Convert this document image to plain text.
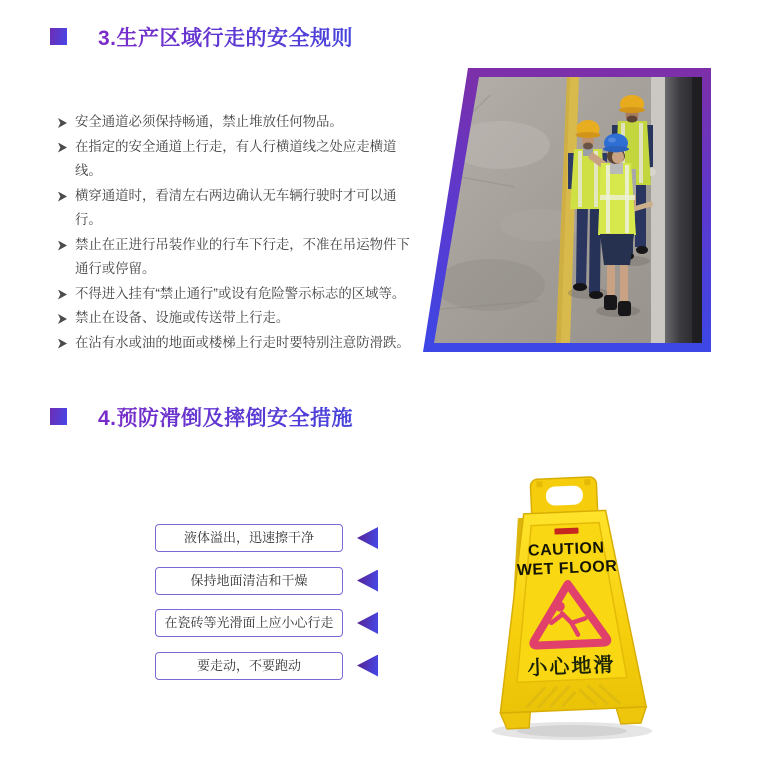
3.生产区域行走的安全规则
安全通道必须保持畅通，禁止堆放任何物品。
在指定的安全通道上行走，有人行横道线之处应走横道线。
横穿通道时，看清左右两边确认无车辆行驶时才可以通行。
禁止在正进行吊装作业的行车下行走，不准在吊运物件下通行或停留。
不得进入挂有“禁止通行”或设有危险警示标志的区域等。
禁止在设备、设施或传送带上行走。
在沾有水或油的地面或楼梯上行走时要特别注意防滑跌。
4.预防滑倒及摔倒安全措施
液体溢出，迅速擦干净
保持地面清洁和干燥
在瓷砖等光滑面上应小心行走
要走动，不要跑动
CAUTION
WET FLOOR
小心地滑
